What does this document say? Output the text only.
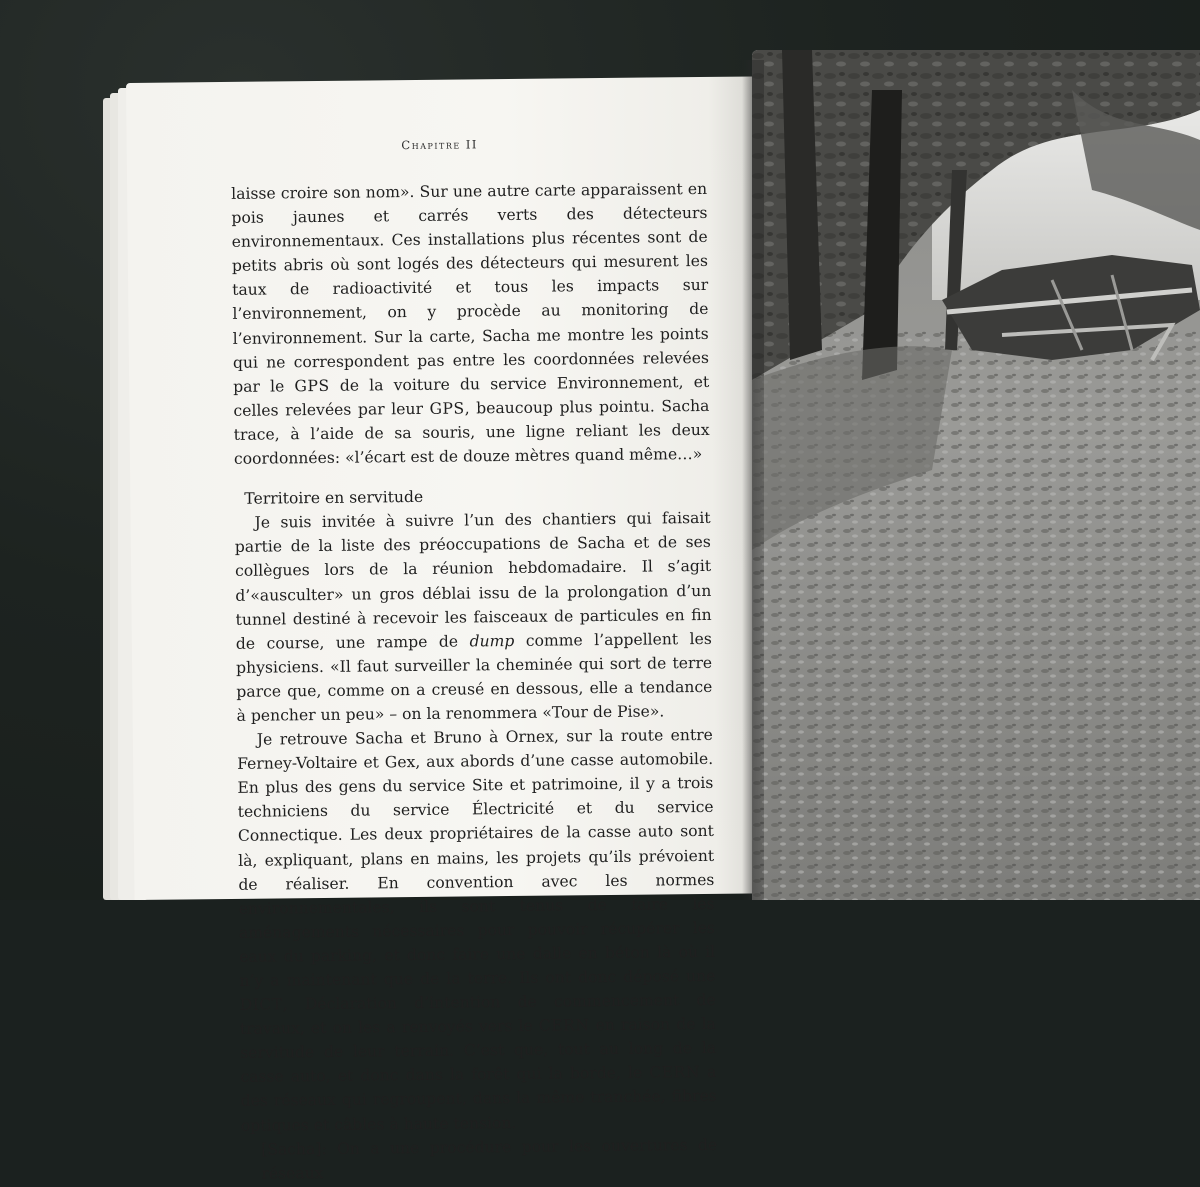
Chapitre II

laisse croire son nom». Sur une autre carte apparaissent en pois jaunes et carrés verts des détecteurs environnementaux. Ces installations plus récentes sont de petits abris où sont logés des détecteurs qui mesurent les taux de radioactivité et tous les impacts sur l’environnement, on y procède au monitoring de l’environnement. Sur la carte, Sacha me montre les points qui ne correspondent pas entre les coordonnées relevées par le GPS de la voiture du service Environnement, et celles relevées par leur GPS, beaucoup plus pointu. Sacha trace, à l’aide de sa souris, une ligne reliant les deux coordonnées: «l’écart est de douze mètres quand même…»

Territoire en servitude

Je suis invitée à suivre l’un des chantiers qui faisait partie de la liste des préoccupations de Sacha et de ses collègues lors de la réunion hebdomadaire. Il s’agit d’«ausculter» un gros déblai issu de la prolongation d’un tunnel destiné à recevoir les faisceaux de particules en fin de course, une rampe de dump comme l’appellent les physiciens. «Il faut surveiller la cheminée qui sort de terre parce que, comme on a creusé en dessous, elle a tendance à pencher un peu» – on la renommera «Tour de Pise».

Je retrouve Sacha et Bruno à Ornex, sur la route entre Ferney-Voltaire et Gex, aux abords d’une casse automobile. En plus des gens du service Site et patrimoine, il y a trois techniciens du service Électricité et du service Connectique. Les deux propriétaires de la casse auto sont là, expliquant, plans en mains, les projets qu’ils prévoient de réaliser. En convention avec les normes environnementales, ils sont tenus de faire les aménagements nécessaires pour pouvoir récupérer les eaux du parking, et donc faire une dalle en béton là où il n’y a maintenant que de la terre. Ils ont donc déposé une DICT, Déclaration d’intention de commencement de travaux, et on les a renvoyés vers le CERN en raison de la servitude de leur terrain. C’est que, tout au long de la casse auto, et donc dans la forêt qui la borde, le CERN a des réseaux qui regroupent, dans la même tranchée, fibres optiques et câbles à haute tension.

[Sacha]: On a une procédure pour les ouvertures de réseaux
